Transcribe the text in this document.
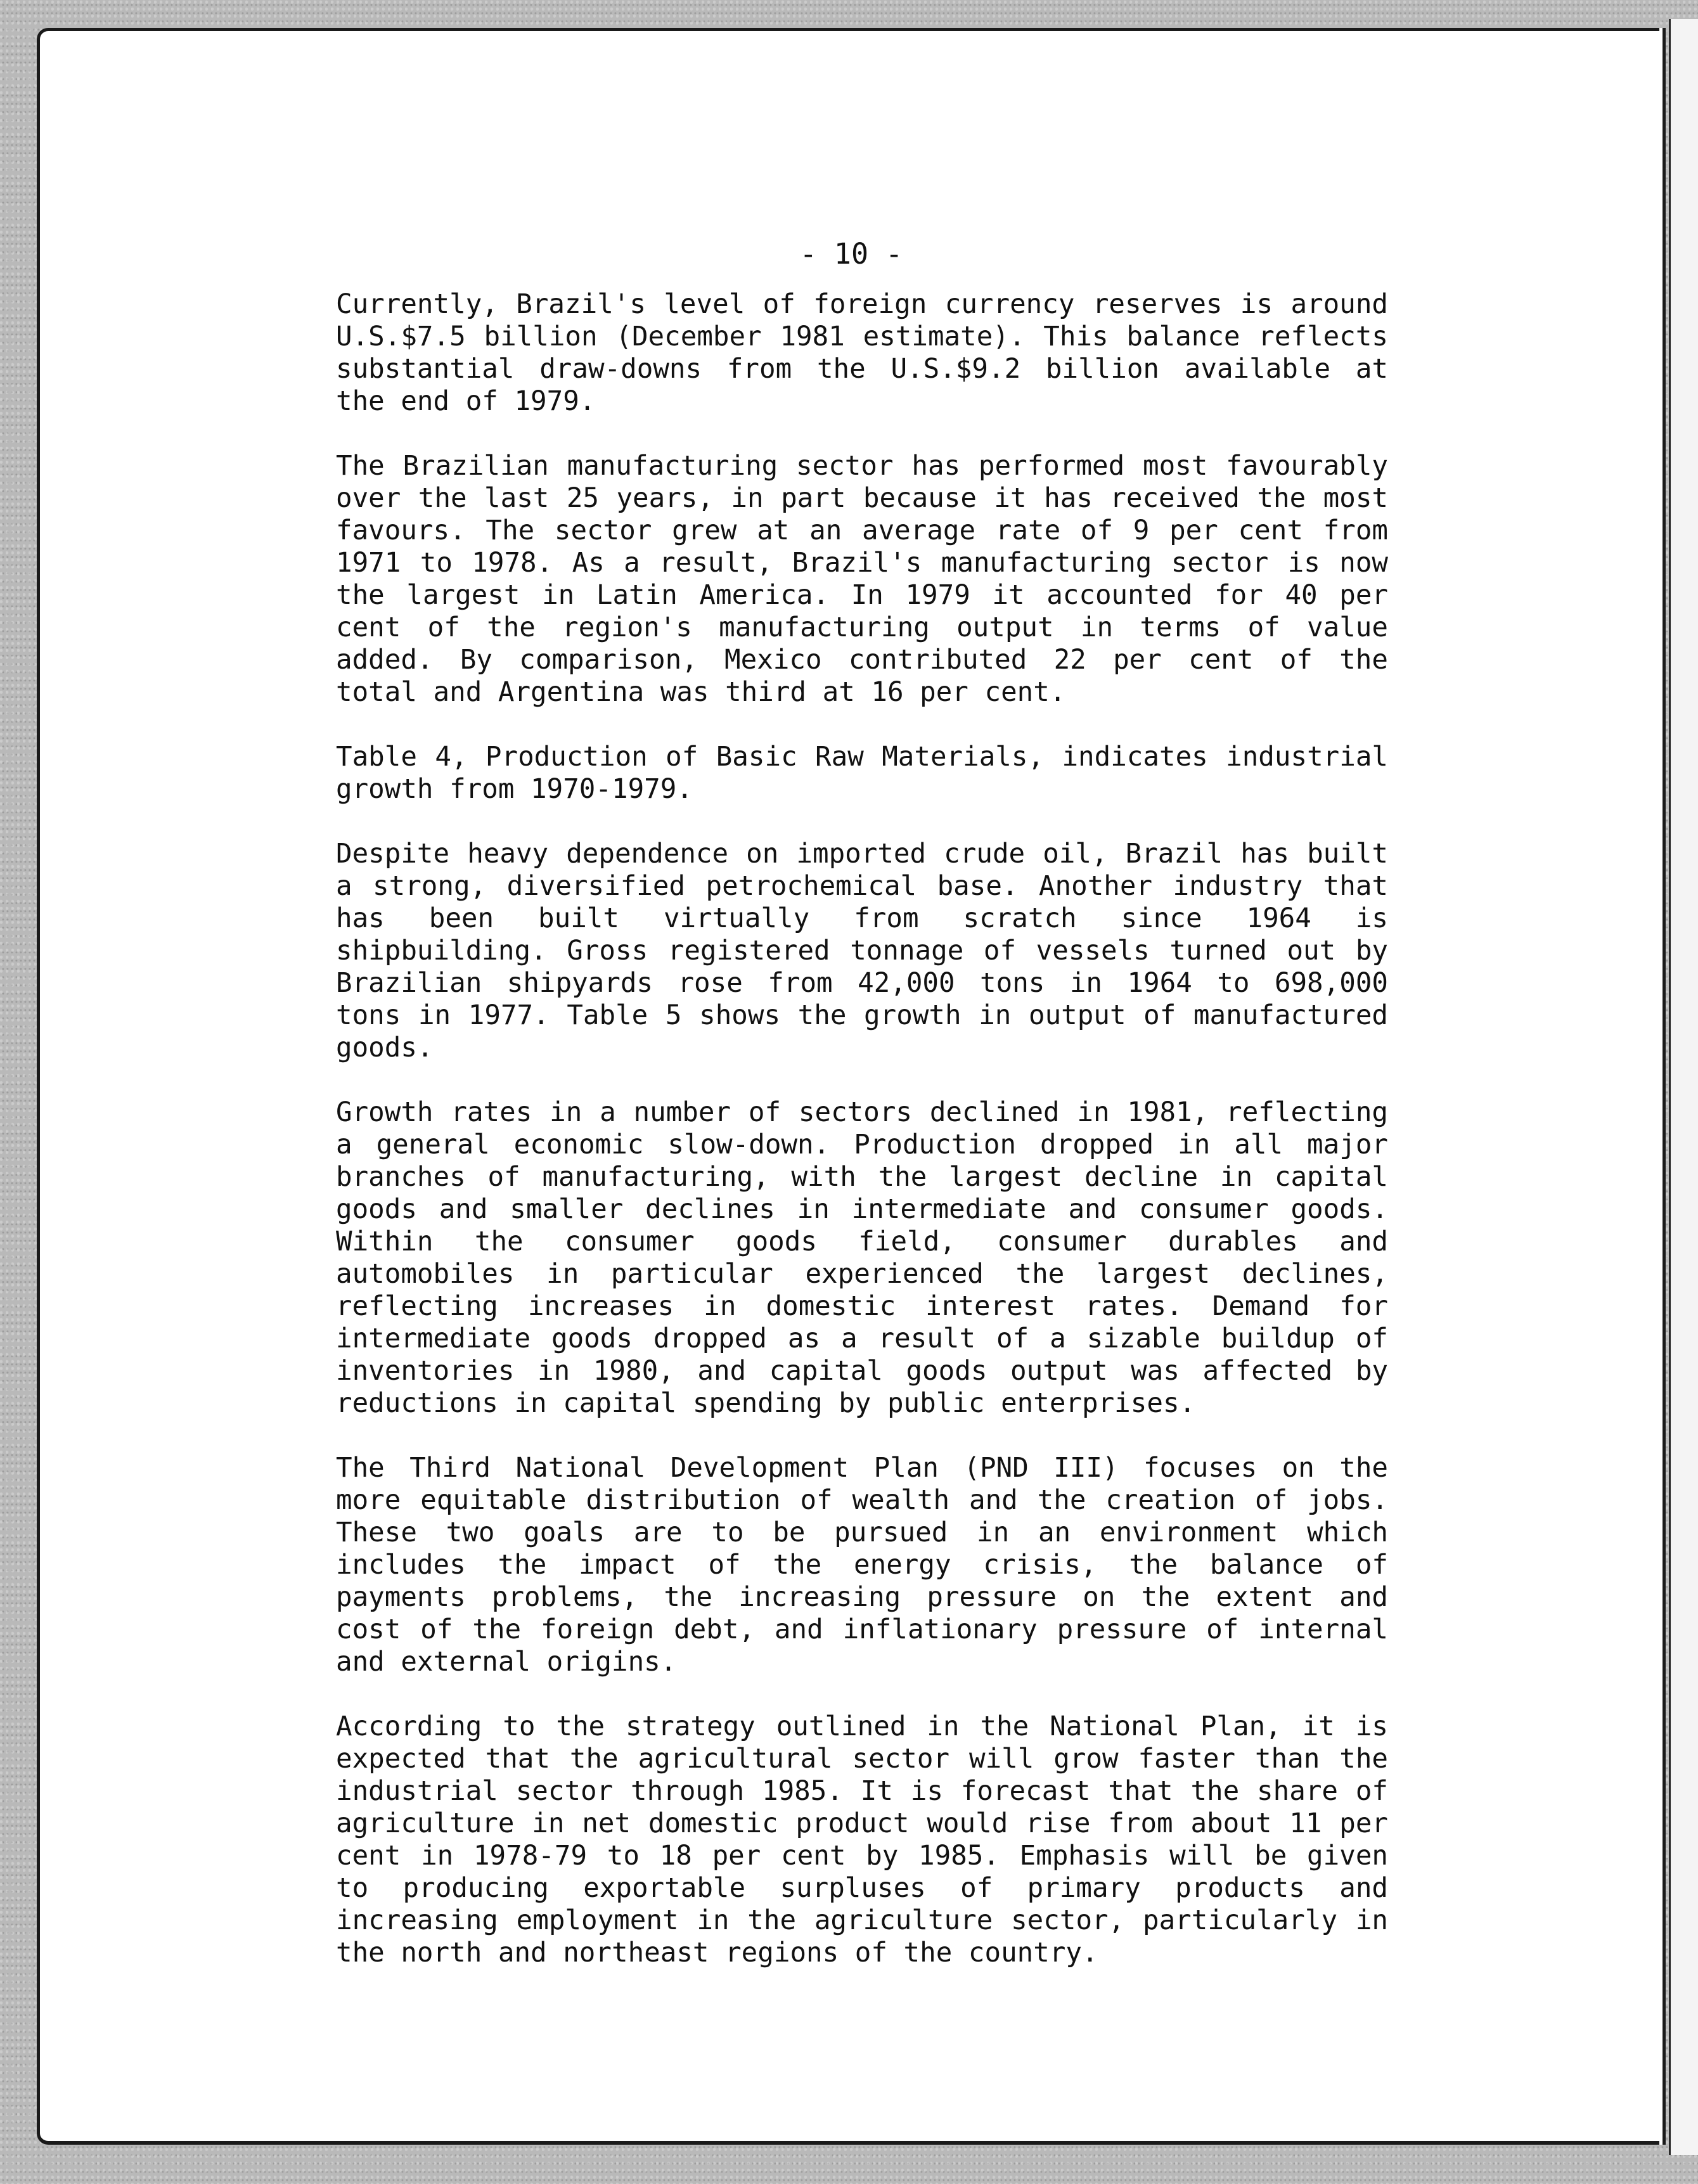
- 10 -

Currently, Brazil's level of foreign currency reserves is around U.S.$7.5 billion (December 1981 estimate). This balance reflects substantial draw-downs from the U.S.$9.2 billion available at the end of 1979.

The Brazilian manufacturing sector has performed most favourably over the last 25 years, in part because it has received the most favours. The sector grew at an average rate of 9 per cent from 1971 to 1978. As a result, Brazil's manufacturing sector is now the largest in Latin America. In 1979 it accounted for 40 per cent of the region's manufacturing output in terms of value added. By comparison, Mexico contributed 22 per cent of the total and Argentina was third at 16 per cent.

Table 4, Production of Basic Raw Materials, indicates industrial growth from 1970-1979.

Despite heavy dependence on imported crude oil, Brazil has built a strong, diversified petrochemical base. Another industry that has been built virtually from scratch since 1964 is shipbuilding. Gross registered tonnage of vessels turned out by Brazilian shipyards rose from 42,000 tons in 1964 to 698,000 tons in 1977. Table 5 shows the growth in output of manufactured goods.

Growth rates in a number of sectors declined in 1981, reflecting a general economic slow-down. Production dropped in all major branches of manufacturing, with the largest decline in capital goods and smaller declines in intermediate and consumer goods. Within the consumer goods field, consumer durables and automobiles in particular experienced the largest declines, reflecting increases in domestic interest rates. Demand for intermediate goods dropped as a result of a sizable buildup of inventories in 1980, and capital goods output was affected by reductions in capital spending by public enterprises.

The Third National Development Plan (PND III) focuses on the more equitable distribution of wealth and the creation of jobs. These two goals are to be pursued in an environment which includes the impact of the energy crisis, the balance of payments problems, the increasing pressure on the extent and cost of the foreign debt, and inflationary pressure of internal and external origins.

According to the strategy outlined in the National Plan, it is expected that the agricultural sector will grow faster than the industrial sector through 1985. It is forecast that the share of agriculture in net domestic product would rise from about 11 per cent in 1978-79 to 18 per cent by 1985. Emphasis will be given to producing exportable surpluses of primary products and increasing employment in the agriculture sector, particularly in the north and northeast regions of the country.
